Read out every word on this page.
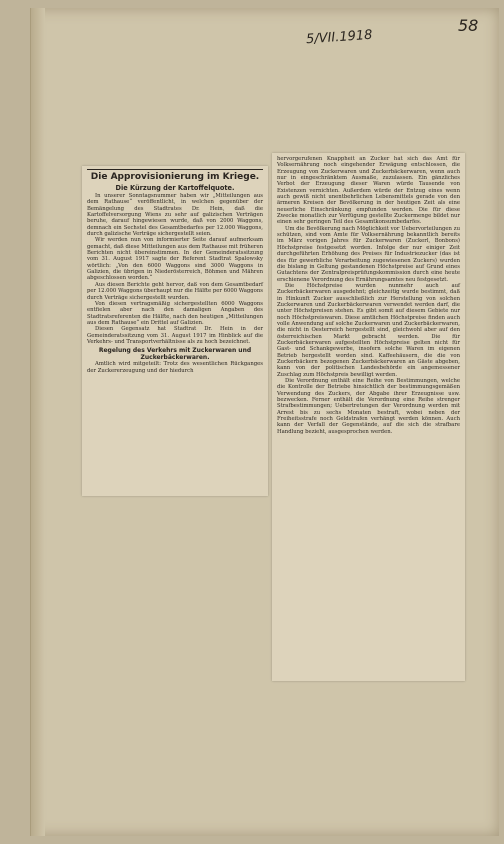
5/VII.1918
58
Die Approvisionierung im Kriege.
Die Kürzung der Kartoffelquote.

In unserer Sonntagsnummer haben wir „Mitteilungen aus dem Rathause“ veröffentlicht, in welchen gegenüber der Bemängelung des Stadtrates Dr. Hein, daß die Kartoffelversorgung Wiens zu sehr auf galizischen Verträgen beruhe, darauf hingewiesen wurde, daß von 2000 Waggons, demnach ein Sechstel des Gesamtbedarfes per 12.000 Waggons, durch galizische Verträge sichergestellt seien.

Wir werden nun von informierter Seite darauf aufmerksam gemacht, daß diese Mitteilungen aus dem Rathause mit früheren Berichten nicht übereinstimmen. In der Gemeinderatssitzung vom 31. August 1917 sagte der Referent Stadtrat Spalowsky wörtlich: „Von den 6000 Waggons sind 3000 Waggons in Galizien, die übrigen in Niederösterreich, Böhmen und Mähren abgeschlossen worden.“

Aus diesen Berichte geht hervor, daß von dem Gesamtbedarf per 12.000 Waggons überhaupt nur die Hälfte per 6000 Waggons durch Verträge sichergestellt wurden.

Von diesen vertragsmäßig sichergestellten 6000 Waggons entfielen aber nach den damaligen Angaben des Stadtratsreferenten die Hälfte, nach den heutigen „Mitteilungen aus dem Rathause“ ein Drittel auf Galizien.

Diesen Gegensatz hat Stadtrat Dr. Hein in der Gemeinderatssitzung vom 31. August 1917 im Hinblick auf die Verkehrs- und Transportverhältnisse als zu hoch bezeichnet.

Regelung des Verkehrs mit Zuckerwaren und Zuckerbäckerwaren.

Amtlich wird mitgeteilt: Trotz des wesentlichen Rückganges der Zuckererzeugung und der hiedurch

hervorgerufenen Knappheit an Zucker hat sich das Amt für Volksernährung noch eingehender Erwägung entschlossen, die Erzeugung von Zuckerwaren und Zuckerbäckerwaren, wenn auch nur in eingeschränktem Ausmaße, zuzulassen. Ein gänzliches Verbot der Erzeugung dieser Waren würde Tausende von Existenzen vernichten. Außerdem würde der Entzug eines wenn auch gewiß nicht unentbehrlichen Lebensmittels gerade von den ärmeren Kreisen der Bevölkerung in der heutigen Zeit als eine neuerliche Einschränkung empfunden werden. Die für diese Zwecke monatlich zur Verfügung gestellte Zuckermenge bildet nur einen sehr geringen Teil des Gesamtkonsumbedarfes.

Um die Bevölkerung nach Möglichkeit vor Uebervorteilungen zu schützen, sind vom Amte für Volksernährung bekanntlich bereits im März vorigen Jahres für Zuckerwaren (Zuckerl, Bonbons) Höchstpreise festgesetzt worden. Infolge der nur einiger Zeit durchgeführten Erhöhung des Preises für Industriezucker (das ist des für gewerbliche Verarbeitung zugewiesenen Zuckers) wurden die bislang in Geltung gestandenen Höchstpreise auf Grund eines Gutachtens der Zentralpreisprüfungskommission durch eine heute erschienene Verordnung des Ernährungsamtes neu festgesetzt.

Die Höchstpreise wurden nunmehr auch auf Zuckerbäckerwaren ausgedehnt; gleichzeitig wurde bestimmt, daß in Hinkunft Zucker ausschließlich zur Herstellung von solchen Zuckerwaren und Zuckerbäckerwaren verwendet werden darf, die unter Höchstpreisen stehen. Es gibt somit auf diesem Gebiete nur noch Höchstpreiswaren. Diese amtlichen Höchstpreise finden auch volle Anwendung auf solche Zuckerwaren und Zuckerbäckerwaren, die nicht in Oesterreich hergestellt sind, gleichwohl aber auf den österreichischen Markt gebracht werden. Die für Zuckerbäckerwaren aufgestellten Höchstpreise gelten nicht für Gast- und Schankgewerbe, insofern solche Waren im eigenen Betrieb hergestellt worden sind. Kaffeehäusern, die die von Zuckerbäckern bezogenen Zuckerbäckerwaren an Gäste abgeben, kann von der politischen Landesbehörde ein angemessener Zuschlag zum Höchstpreis bewilligt werden.

Die Verordnung enthält eine Reihe von Bestimmungen, welche die Kontrolle der Betriebe hinsichtlich der bestimmungsgemäßen Verwendung des Zuckers, der Abgabe ihrer Erzeugnisse usw. bezwecken. Ferner enthält die Verordnung eine Reihe strenger Strafbestimmungen; Uebertretungen der Verordnung werden mit Arrest bis zu sechs Monaten bestraft, wobei neben der Freiheitsstrafe noch Geldstrafen verhängt werden können. Auch kann der Verfall der Gegenstände, auf die sich die strafbare Handlung bezieht, ausgesprochen werden.
